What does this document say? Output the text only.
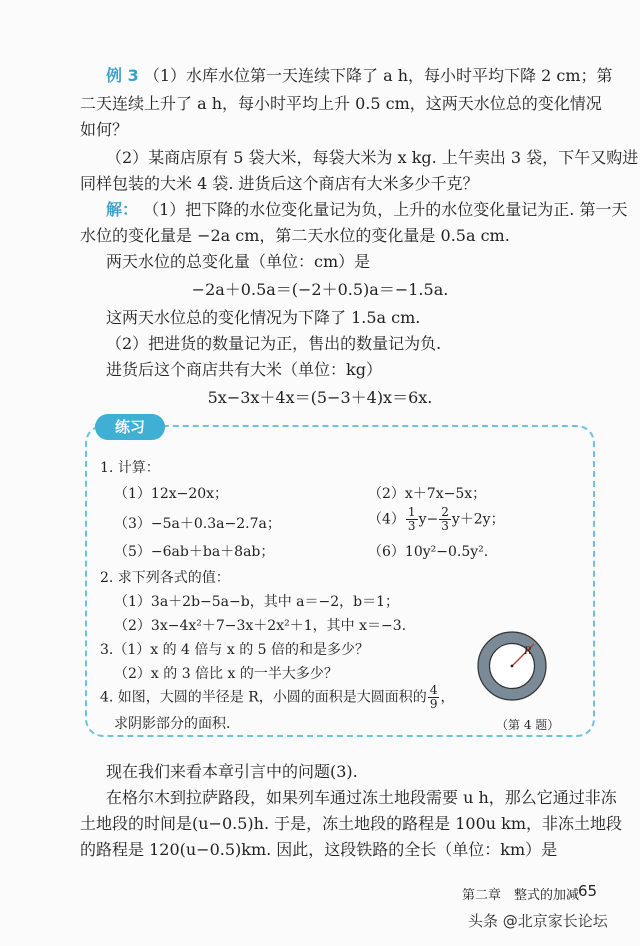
例 3 （1）水库水位第一天连续下降了 a h，每小时平均下降 2 cm；第
二天连续上升了 a h，每小时平均上升 0.5 cm，这两天水位总的变化情况
如何？
（2）某商店原有 5 袋大米，每袋大米为 x kg. 上午卖出 3 袋，下午又购进
同样包装的大米 4 袋. 进货后这个商店有大米多少千克？
解： （1）把下降的水位变化量记为负，上升的水位变化量记为正. 第一天
水位的变化量是 −2a cm，第二天水位的变化量是 0.5a cm.
两天水位的总变化量（单位：cm）是
−2a＋0.5a＝(−2＋0.5)a＝−1.5a.
这两天水位总的变化情况为下降了 1.5a cm.
（2）把进货的数量记为正，售出的数量记为负.
进货后这个商店共有大米（单位：kg）
5x−3x＋4x＝(5−3＋4)x＝6x.
练习
1. 计算：
（1）12x−20x；	（2）x＋7x−5x；
（3）−5a＋0.3a−2.7a；	$(4) \frac{1}{3} y- \frac{2}{3} y+2y$；
（5）−6ab＋ba＋8ab；	（6）10y²−0.5y².
2. 求下列各式的值：
（1）3a＋2b−5a−b，其中 a＝−2，b＝1；
（2）3x−4x²＋7−3x＋2x²＋1，其中 x＝−3.
3.（1）x 的 4 倍与 x 的 5 倍的和是多少？
（2）x 的 3 倍比 x 的一半大多少？
4. 如图，大圆的半径是 R，小圆的面积是大圆面积的 $\frac{4}{9}$ ，
求阴影部分的面积.
R
（第 4 题）
现在我们来看本章引言中的问题(3).
在格尔木到拉萨路段，如果列车通过冻土地段需要 u h，那么它通过非冻
土地段的时间是(u−0.5)h. 于是，冻土地段的路程是 100u km，非冻土地段
的路程是 120(u−0.5)km. 因此，这段铁路的全长（单位：km）是
第二章　整式的加减
65
头条 @北京家长论坛
